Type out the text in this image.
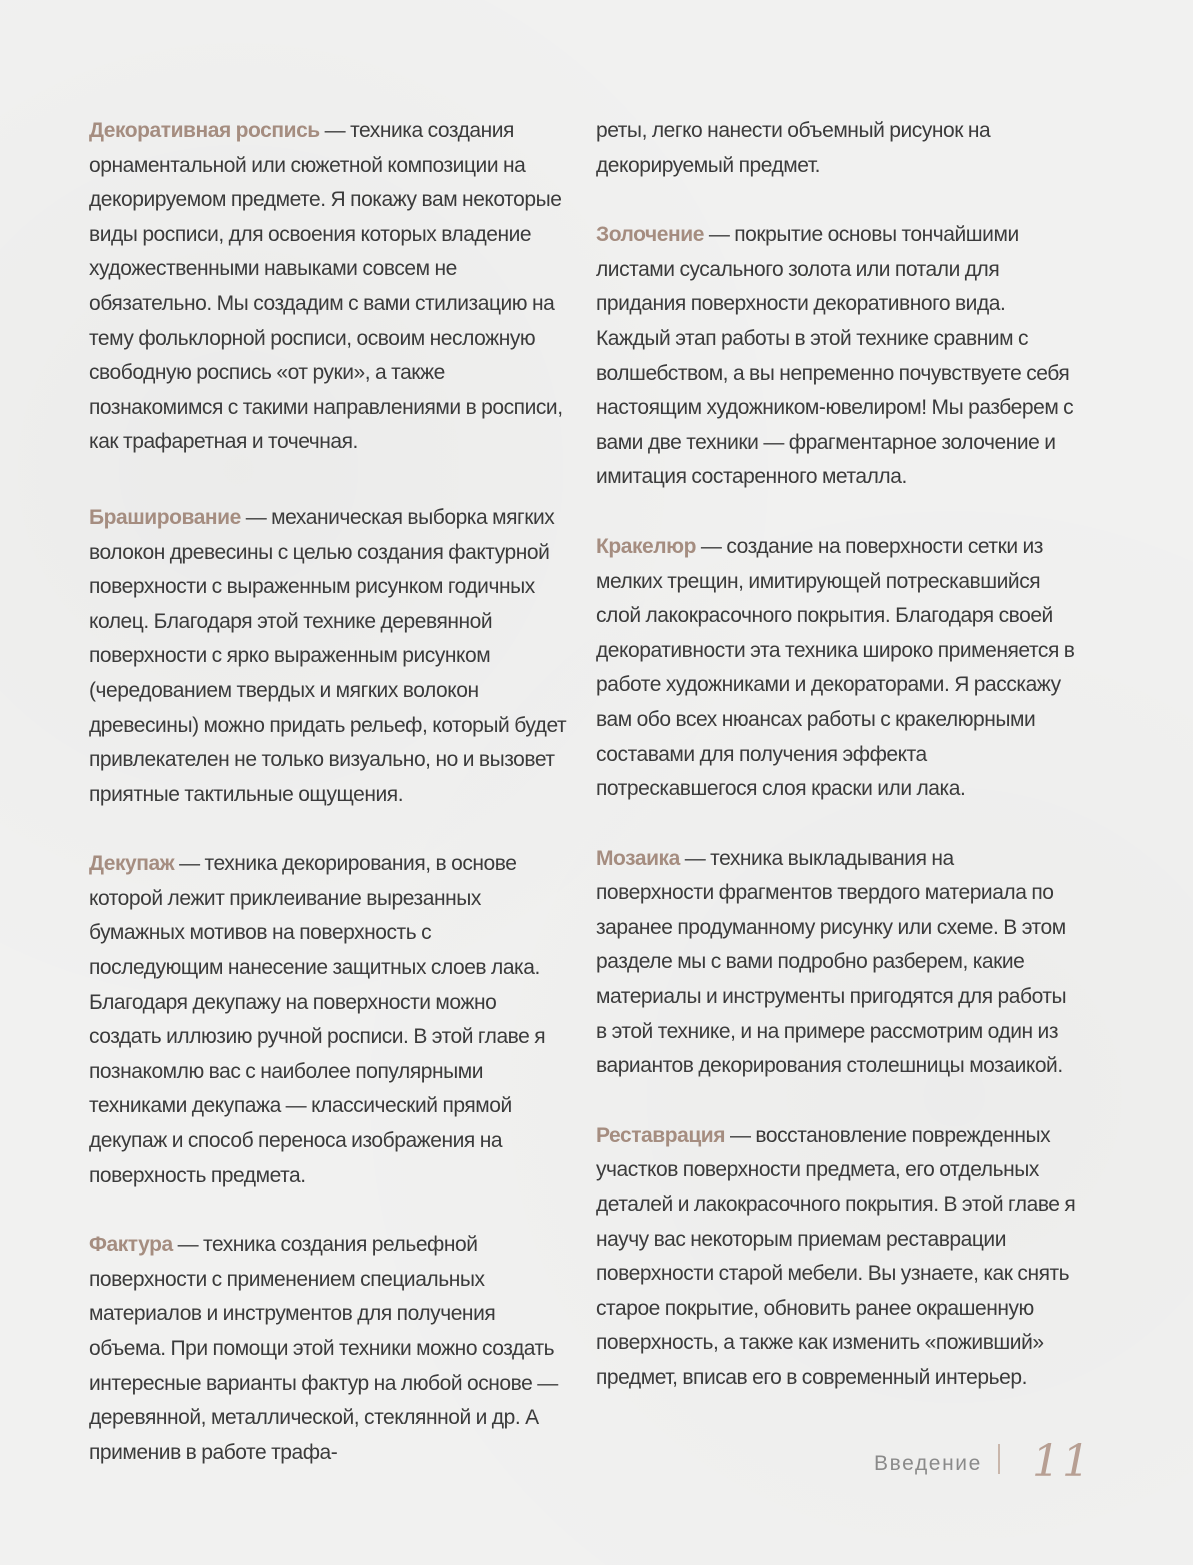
Декоративная роспись — техника создания орнаментальной или сюжетной композиции на декорируемом предмете. Я покажу вам некоторые виды росписи, для освоения которых владение художественными навыками совсем не обязательно. Мы создадим с вами стилизацию на тему фольклорной росписи, освоим несложную свободную роспись «от руки», а также познакомимся с такими направлениями в росписи, как трафаретная и точечная.

Браширование — механическая выборка мягких волокон древесины с целью создания фактурной поверхности с выраженным рисунком годичных колец. Благодаря этой технике деревянной поверхности с ярко выраженным рисунком (чередованием твердых и мягких волокон древесины) можно придать рельеф, который будет привлекателен не только визуально, но и вызовет приятные тактильные ощущения.

Декупаж — техника декорирования, в основе которой лежит приклеивание вырезанных бумажных мотивов на поверхность с последующим нанесение защитных слоев лака. Благодаря декупажу на поверхности можно создать иллюзию ручной росписи. В этой главе я познакомлю вас с наиболее популярными техниками декупажа — классический прямой декупаж и способ переноса изображения на поверхность предмета.

Фактура — техника создания рельефной поверхности с применением специальных материалов и инструментов для получения объема. При помощи этой техники можно создать интересные варианты фактур на любой основе — деревянной, металлической, стеклянной и др. А применив в работе трафа-

реты, легко нанести объемный рисунок на декорируемый предмет.

Золочение — покрытие основы тончайшими листами сусального золота или потали для придания поверхности декоративного вида. Каждый этап работы в этой технике сравним с волшебством, а вы непременно почувствуете себя настоящим художником-ювелиром! Мы разберем с вами две техники — фрагментарное золочение и имитация состаренного металла.

Кракелюр — создание на поверхности сетки из мелких трещин, имитирующей потрескавшийся слой лакокрасочного покрытия. Благодаря своей декоративности эта техника широко применяется в работе художниками и декораторами. Я расскажу вам обо всех нюансах работы с кракелюрными составами для получения эффекта потрескавшегося слоя краски или лака.

Мозаика — техника выкладывания на поверхности фрагментов твердого материала по заранее продуманному рисунку или схеме. В этом разделе мы с вами подробно разберем, какие материалы и инструменты пригодятся для работы в этой технике, и на примере рассмотрим один из вариантов декорирования столешницы мозаикой.

Реставрация — восстановление поврежденных участков поверхности предмета, его отдельных деталей и лакокрасочного покрытия. В этой главе я научу вас некоторым приемам реставрации поверхности старой мебели. Вы узнаете, как снять старое покрытие, обновить ранее окрашенную поверхность, а также как изменить «поживший» предмет, вписав его в современный интерьер.

Введение 11
